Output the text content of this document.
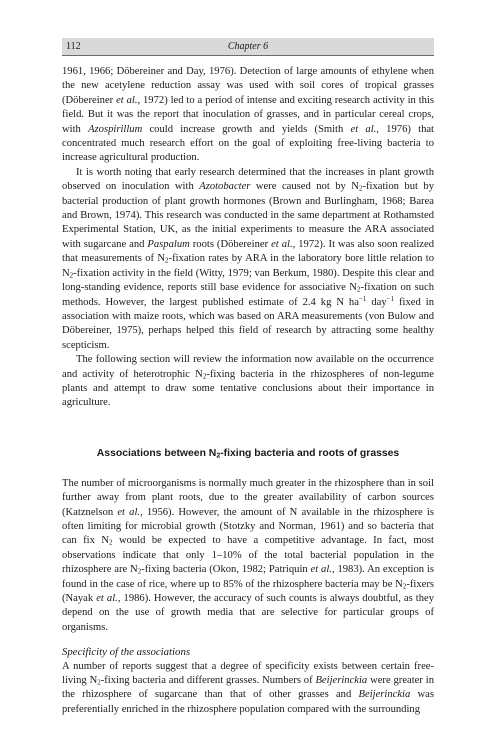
112	Chapter 6

1961, 1966; Döbereiner and Day, 1976). Detection of large amounts of ethylene when the new acetylene reduction assay was used with soil cores of tropical grasses (Döbereiner et al., 1972) led to a period of intense and exciting research activity in this field. But it was the report that inoculation of grasses, and in particular cereal crops, with Azospirillum could increase growth and yields (Smith et al., 1976) that concentrated much research effort on the goal of exploiting free-living bacteria to increase agricultural production.

It is worth noting that early research determined that the increases in plant growth observed on inoculation with Azotobacter were caused not by $N_2$-fixation but by bacterial production of plant growth hormones (Brown and Burlingham, 1968; Barea and Brown, 1974). This research was conducted in the same department at Rothamsted Experimental Station, UK, as the initial experiments to measure the ARA associated with sugarcane and Paspalum roots (Döbereiner et al., 1972). It was also soon realized that measurements of $N_2$-fixation rates by ARA in the laboratory bore little relation to $N_2$-fixation activity in the field (Witty, 1979; van Berkum, 1980). Despite this clear and long-standing evidence, reports still base evidence for associative $N_2$-fixation on such methods. However, the largest published estimate of 2.4 kg N $ha^{-1}$ day$^{-1}$ fixed in association with maize roots, which was based on ARA measurements (von Bulow and Döbereiner, 1975), perhaps helped this field of research by attracting some healthy scepticism.

The following section will review the information now available on the occurrence and activity of heterotrophic $N_2$-fixing bacteria in the rhizospheres of non-legume plants and attempt to draw some tentative conclusions about their importance in agriculture.

Associations between $N_2$-fixing bacteria and roots of grasses

The number of microorganisms is normally much greater in the rhizosphere than in soil further away from plant roots, due to the greater availability of carbon sources (Katznelson et al., 1956). However, the amount of N available in the rhizosphere is often limiting for microbial growth (Stotzky and Norman, 1961) and so bacteria that can fix $N_2$ would be expected to have a competitive advantage. In fact, most observations indicate that only 1–10% of the total bacterial population in the rhizosphere are $N_2$-fixing bacteria (Okon, 1982; Patriquin et al., 1983). An exception is found in the case of rice, where up to 85% of the rhizosphere bacteria may be $N_2$-fixers (Nayak et al., 1986). However, the accuracy of such counts is always doubtful, as they depend on the use of growth media that are selective for particular groups of organisms.

Specificity of the associations

A number of reports suggest that a degree of specificity exists between certain free-living $N_2$-fixing bacteria and different grasses. Numbers of Beijerinckia were greater in the rhizosphere of sugarcane than that of other grasses and Beijerinckia was preferentially enriched in the rhizosphere population compared with the surrounding
